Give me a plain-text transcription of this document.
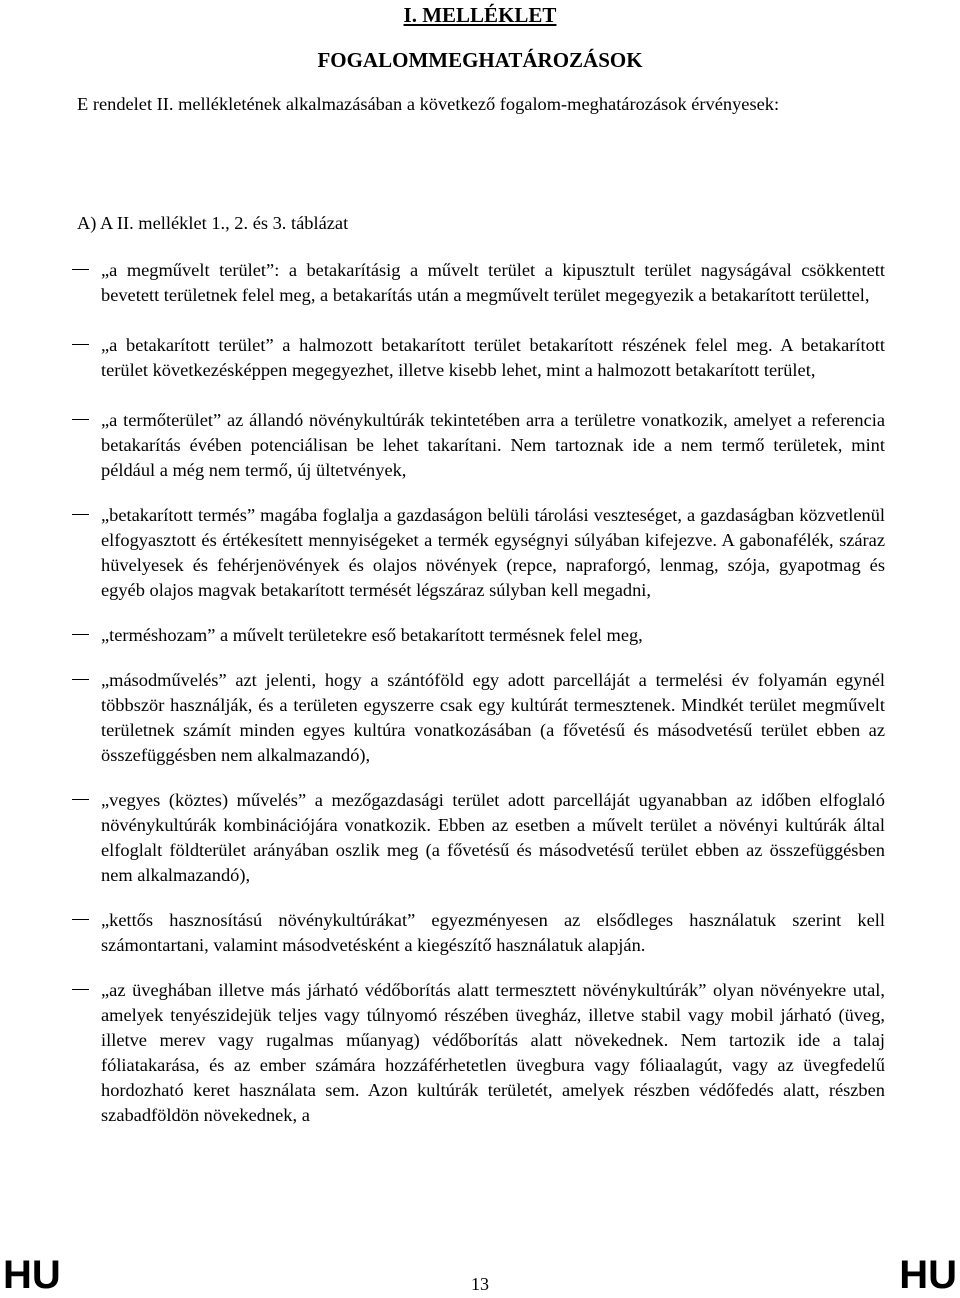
I. MELLÉKLET
FOGALOMMEGHATÁROZÁSOK
E rendelet II. mellékletének alkalmazásában a következő fogalom-meghatározások érvényesek:
A) A II. melléklet 1., 2. és 3. táblázat
„a megművelt terület”: a betakarításig a művelt terület a kipusztult terület nagyságával csökkentett bevetett területnek felel meg, a betakarítás után a megművelt terület megegyezik a betakarított területtel,
„a betakarított terület” a halmozott betakarított terület betakarított részének felel meg. A betakarított terület következésképpen megegyezhet, illetve kisebb lehet, mint a halmozott betakarított terület,
„a termőterület” az állandó növénykultúrák tekintetében arra a területre vonatkozik, amelyet a referencia betakarítás évében potenciálisan be lehet takarítani. Nem tartoznak ide a nem termő területek, mint például a még nem termő, új ültetvények,
„betakarított termés” magába foglalja a gazdaságon belüli tárolási veszteséget, a gazdaságban közvetlenül elfogyasztott és értékesített mennyiségeket a termék egységnyi súlyában kifejezve. A gabonafélék, száraz hüvelyesek és fehérjenövények és olajos növények (repce, napraforgó, lenmag, szója, gyapotmag és egyéb olajos magvak betakarított termését légszáraz súlyban kell megadni,
„terméshozam” a művelt területekre eső betakarított termésnek felel meg,
„másodművelés” azt jelenti, hogy a szántóföld egy adott parcelláját a termelési év folyamán egynél többször használják, és a területen egyszerre csak egy kultúrát termesztenek. Mindkét terület megművelt területnek számít minden egyes kultúra vonatkozásában (a fővetésű és másodvetésű terület ebben az összefüggésben nem alkalmazandó),
„vegyes (köztes) művelés” a mezőgazdasági terület adott parcelláját ugyanabban az időben elfoglaló növénykultúrák kombinációjára vonatkozik. Ebben az esetben a művelt terület a növényi kultúrák által elfoglalt földterület arányában oszlik meg (a fővetésű és másodvetésű terület ebben az összefüggésben nem alkalmazandó),
„kettős hasznosítású növénykultúrákat” egyezményesen az elsődleges használatuk szerint kell számontartani, valamint másodvetésként a kiegészítő használatuk alapján.
„az üveghában illetve más járható védőborítás alatt termesztett növénykultúrák” olyan növényekre utal, amelyek tenyészidejük teljes vagy túlnyomó részében üvegház, illetve stabil vagy mobil járható (üveg, illetve merev vagy rugalmas műanyag) védőborítás alatt növekednek. Nem tartozik ide a talaj fóliatakarása, és az ember számára hozzáférhetetlen üvegbura vagy fóliaalagút, vagy az üvegfedelű hordozható keret használata sem. Azon kultúrák területét, amelyek részben védőfedés alatt, részben szabadföldön növekednek, a
HU	13	HU
